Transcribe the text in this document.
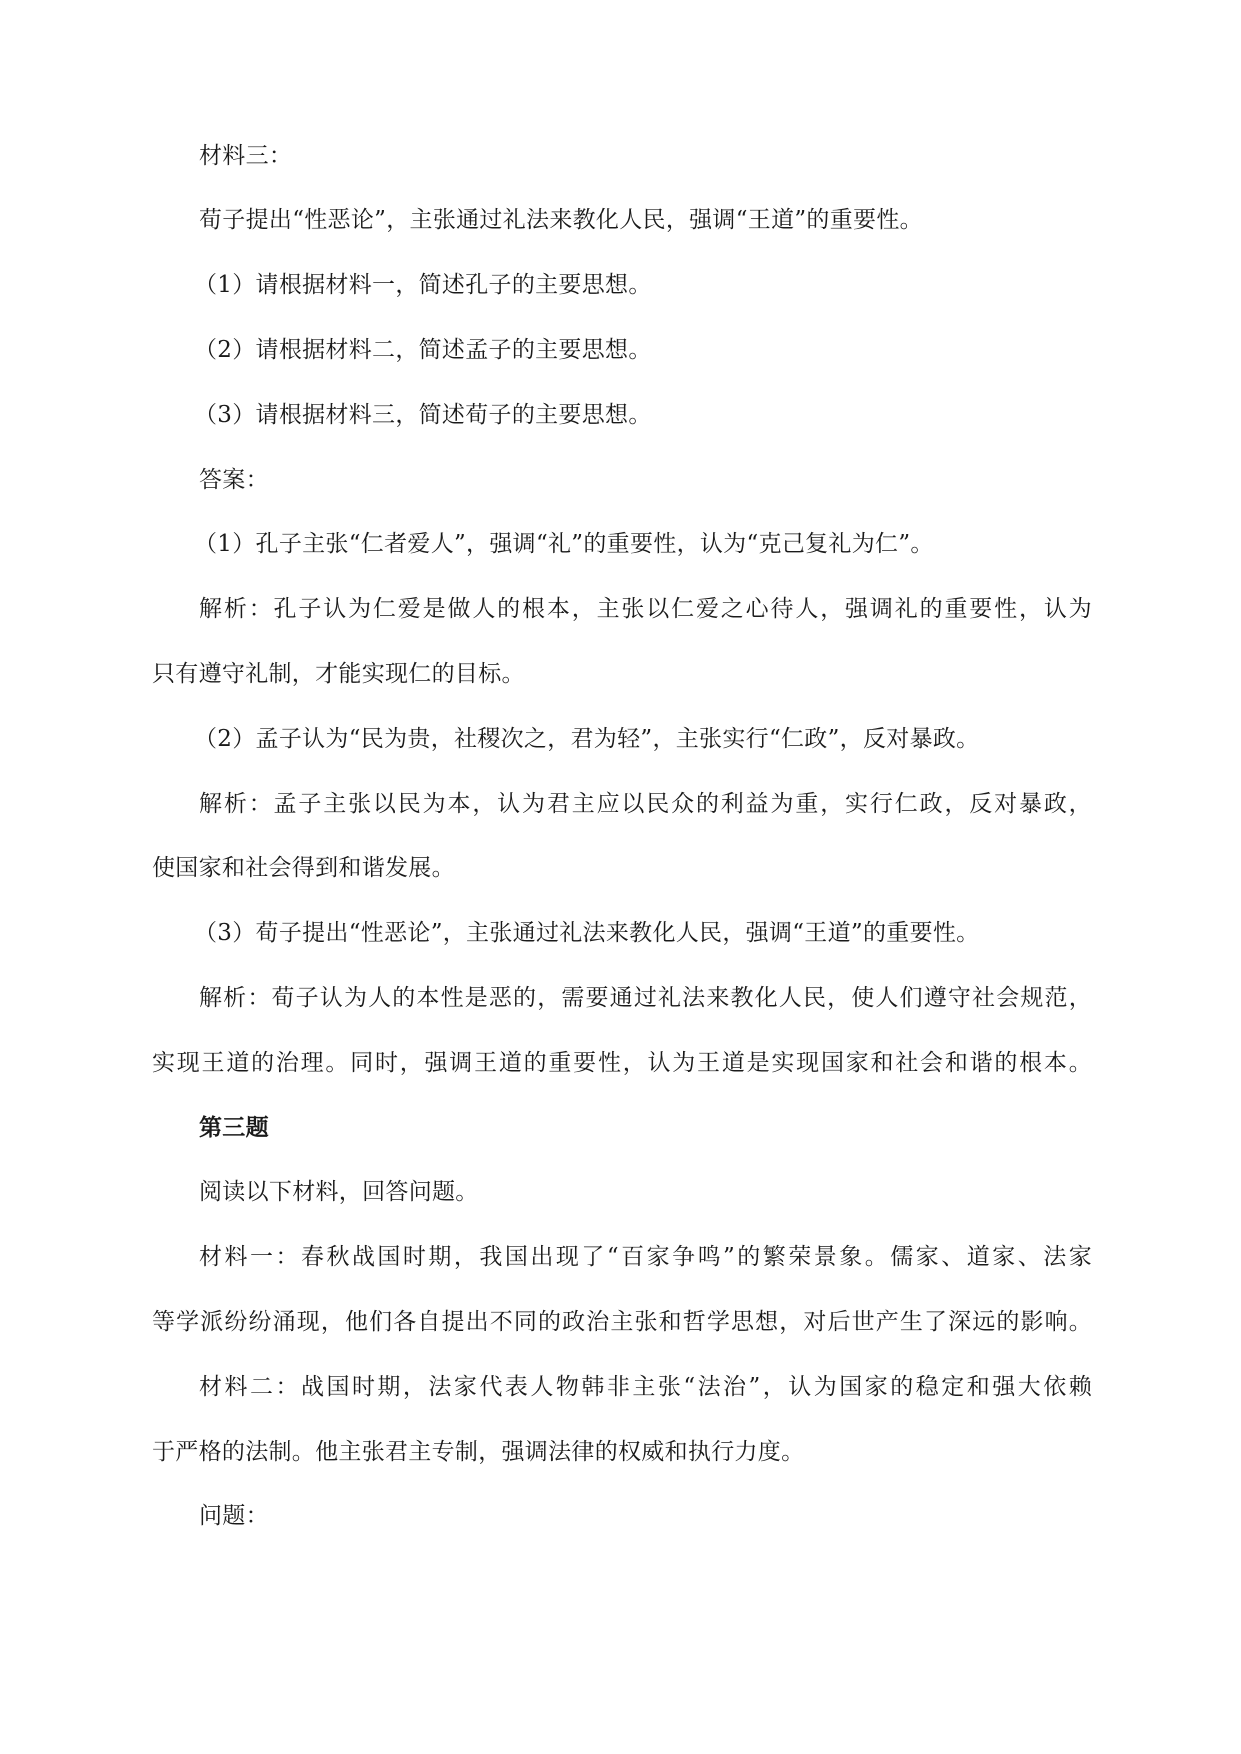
材料三：
荀子提出“性恶论”，主张通过礼法来教化人民，强调“王道”的重要性。
（1）请根据材料一，简述孔子的主要思想。
（2）请根据材料二，简述孟子的主要思想。
（3）请根据材料三，简述荀子的主要思想。
答案：
（1）孔子主张“仁者爱人”，强调“礼”的重要性，认为“克己复礼为仁”。
解析：孔子认为仁爱是做人的根本，主张以仁爱之心待人，强调礼的重要性，认为
只有遵守礼制，才能实现仁的目标。
（2）孟子认为“民为贵，社稷次之，君为轻”，主张实行“仁政”，反对暴政。
解析：孟子主张以民为本，认为君主应以民众的利益为重，实行仁政，反对暴政，
使国家和社会得到和谐发展。
（3）荀子提出“性恶论”，主张通过礼法来教化人民，强调“王道”的重要性。
解析：荀子认为人的本性是恶的，需要通过礼法来教化人民，使人们遵守社会规范，
实现王道的治理。同时，强调王道的重要性，认为王道是实现国家和社会和谐的根本。
第三题
阅读以下材料，回答问题。
材料一：春秋战国时期，我国出现了“百家争鸣”的繁荣景象。儒家、道家、法家
等学派纷纷涌现，他们各自提出不同的政治主张和哲学思想，对后世产生了深远的影响。
材料二：战国时期，法家代表人物韩非主张“法治”，认为国家的稳定和强大依赖
于严格的法制。他主张君主专制，强调法律的权威和执行力度。
问题：
